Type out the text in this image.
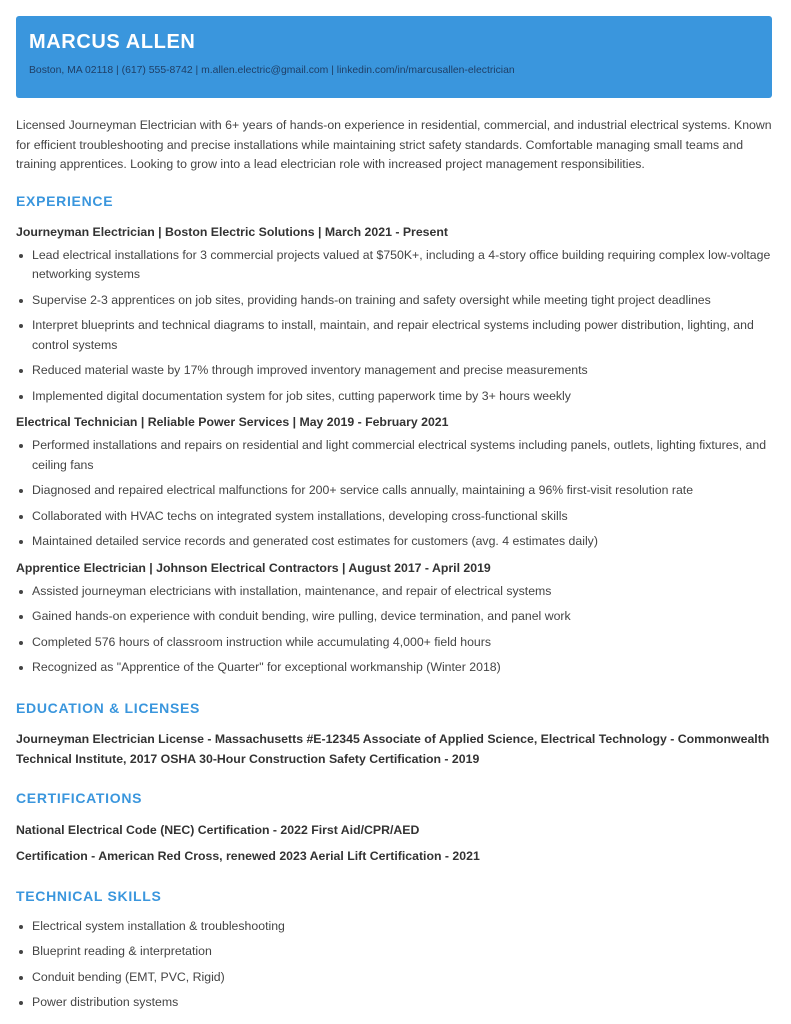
MARCUS ALLEN
Boston, MA 02118 | (617) 555-8742 | m.allen.electric@gmail.com | linkedin.com/in/marcusallen-electrician

Licensed Journeyman Electrician with 6+ years of hands-on experience in residential, commercial, and industrial electrical systems. Known for efficient troubleshooting and precise installations while maintaining strict safety standards. Comfortable managing small teams and training apprentices. Looking to grow into a lead electrician role with increased project management responsibilities.

EXPERIENCE
Journeyman Electrician | Boston Electric Solutions | March 2021 - Present
Lead electrical installations for 3 commercial projects valued at $750K+, including a 4-story office building requiring complex low-voltage networking systems
Supervise 2-3 apprentices on job sites, providing hands-on training and safety oversight while meeting tight project deadlines
Interpret blueprints and technical diagrams to install, maintain, and repair electrical systems including power distribution, lighting, and control systems
Reduced material waste by 17% through improved inventory management and precise measurements
Implemented digital documentation system for job sites, cutting paperwork time by 3+ hours weekly
Electrical Technician | Reliable Power Services | May 2019 - February 2021
Performed installations and repairs on residential and light commercial electrical systems including panels, outlets, lighting fixtures, and ceiling fans
Diagnosed and repaired electrical malfunctions for 200+ service calls annually, maintaining a 96% first-visit resolution rate
Collaborated with HVAC techs on integrated system installations, developing cross-functional skills
Maintained detailed service records and generated cost estimates for customers (avg. 4 estimates daily)
Apprentice Electrician | Johnson Electrical Contractors | August 2017 - April 2019
Assisted journeyman electricians with installation, maintenance, and repair of electrical systems
Gained hands-on experience with conduit bending, wire pulling, device termination, and panel work
Completed 576 hours of classroom instruction while accumulating 4,000+ field hours
Recognized as "Apprentice of the Quarter" for exceptional workmanship (Winter 2018)
EDUCATION & LICENSES

Journeyman Electrician License - Massachusetts #E-12345 Associate of Applied Science, Electrical Technology - Commonwealth Technical Institute, 2017 OSHA 30-Hour Construction Safety Certification - 2019

CERTIFICATIONS

National Electrical Code (NEC) Certification - 2022 First Aid/CPR/AED

Certification - American Red Cross, renewed 2023 Aerial Lift Certification - 2021

TECHNICAL SKILLS
Electrical system installation & troubleshooting
Blueprint reading & interpretation
Conduit bending (EMT, PVC, Rigid)
Power distribution systems
